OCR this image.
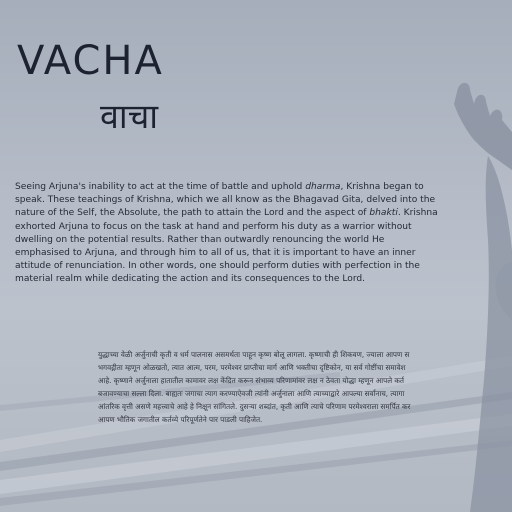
VACHA
वाचा

Seeing Arjuna's inability to act at the time of battle and uphold dharma, Krishna began to speak. These teachings of Krishna, which we all know as the Bhagavad Gita, delved into the nature of the Self, the Absolute, the path to attain the Lord and the aspect of bhakti. Krishna exhorted Arjuna to focus on the task at hand and perform his duty as a warrior without dwelling on the potential results. Rather than outwardly renouncing the world He emphasised to Arjuna, and through him to all of us, that it is important to have an inner attitude of renunciation. In other words, one should perform duties with perfection in the material realm while dedicating the action and its consequences to the Lord.

युद्धाच्या वेळी अर्जुनाची कृती व धर्म पालनास असमर्थता पाहून कृष्ण बोलू लागला. कृष्णाची ही शिकवण, ज्याला आपण स
भगवद्गीता म्हणून ओळखतो, त्यात आत्म, परम, परमेश्वर प्राप्तीचा मार्ग आणि भक्तीचा दृष्टिकोन, या सर्व गोष्टींचा समावेश
आहे. कृष्णाने अर्जुनाला हातातील कामावर लक्ष केंद्रित करून संभाव्य परिणामांवर लक्ष न ठेवता योद्धा म्हणून आपले कर्त
बजावण्याचा सल्ला दिला. बाह्यतः जगाचा त्याग करण्याऐवजी त्यांनी अर्जुनाला आणि त्याच्याद्वारे आपल्या सर्वांनाच, त्यागा
आंतरिक वृत्ती असणे महत्त्वाचे आहे हे निक्षून सांगितले. दुसऱ्या शब्दांत, कृती आणि त्याचे परिणाम परमेश्वराला समर्पित कर
आपण भौतिक जगातील कर्तव्ये परिपूर्णतेने पार पाडली पाहिजेत.
